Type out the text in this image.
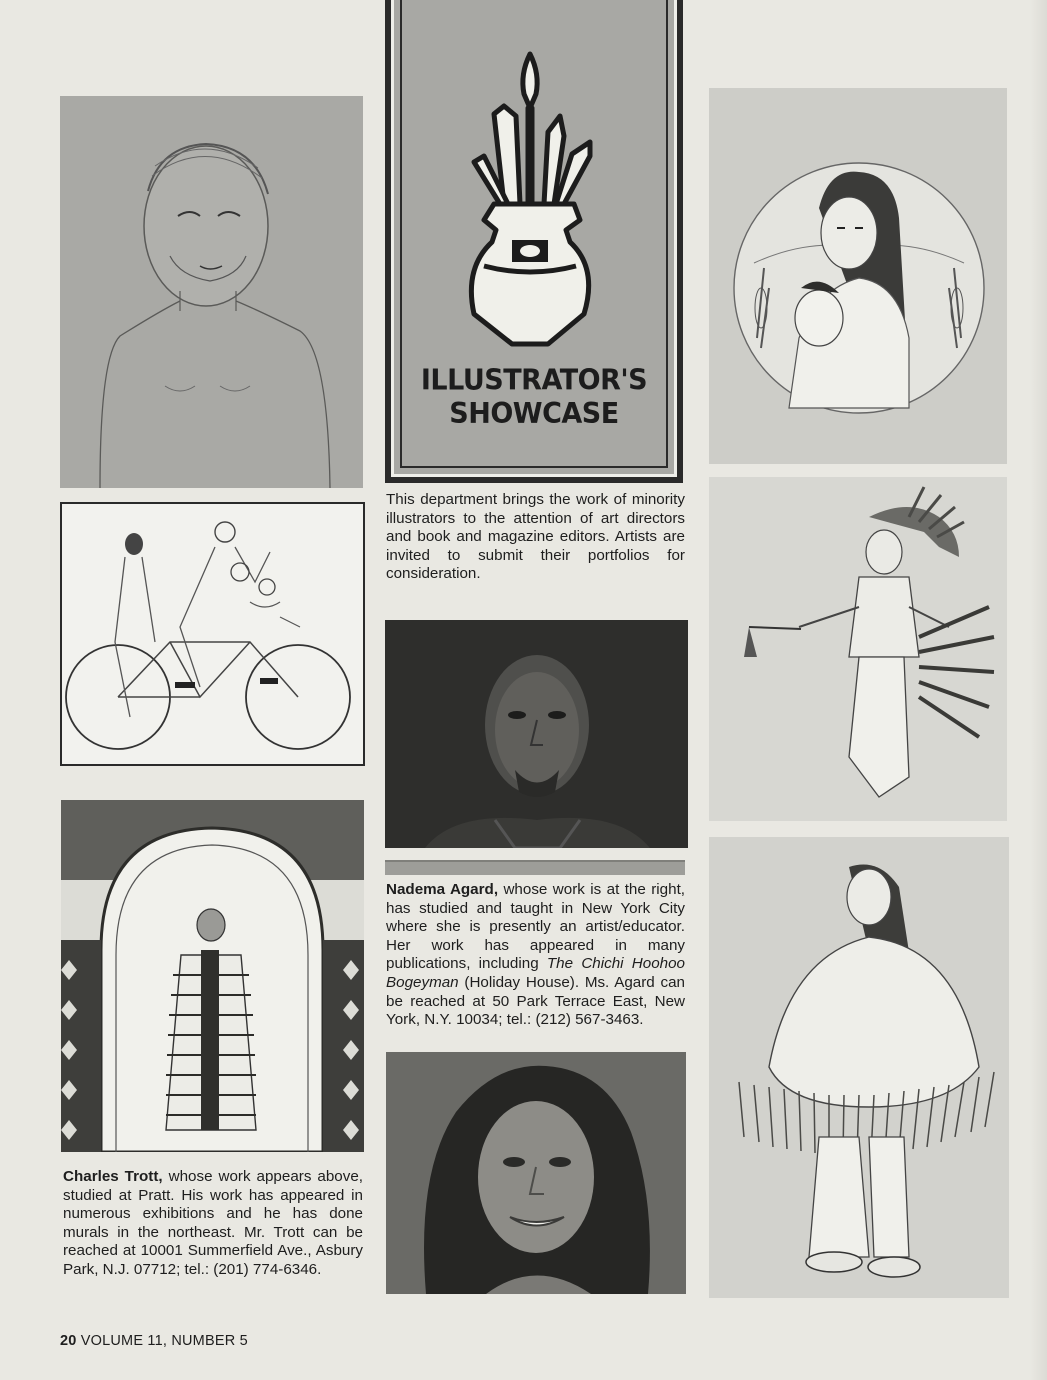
ILLUSTRATOR'S
SHOWCASE
This department brings the work of minority illustrators to the attention of art directors and book and magazine editors. Artists are invited to submit their portfolios for consideration.
Nadema Agard, whose work is at the right, has studied and taught in New York City where she is presently an artist/educator. Her work has appeared in many publications, including The Chichi Hoohoo Bogeyman (Holiday House). Ms. Agard can be reached at 50 Park Terrace East, New York, N.Y. 10034; tel.: (212) 567-3463.
Charles Trott, whose work appears above, studied at Pratt. His work has appeared in numerous exhibitions and he has done murals in the northeast. Mr. Trott can be reached at 10001 Summerfield Ave., Asbury Park, N.J. 07712; tel.: (201) 774-6346.
20 VOLUME 11, NUMBER 5
